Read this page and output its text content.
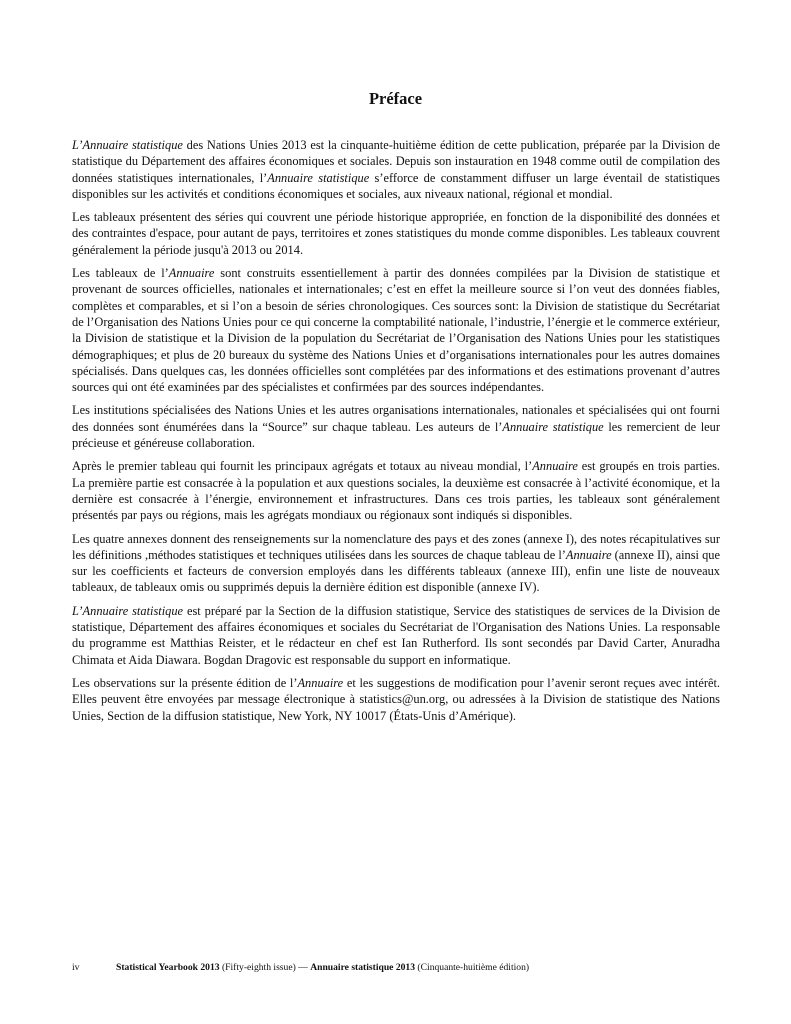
Préface

L’Annuaire statistique des Nations Unies 2013 est la cinquante-huitième édition de cette publication, préparée par la Division de statistique du Département des affaires économiques et sociales. Depuis son instauration en 1948 comme outil de compilation des données statistiques internationales, l’Annuaire statistique s’efforce de constamment diffuser un large éventail de statistiques disponibles sur les activités et conditions économiques et sociales, aux niveaux national, régional et mondial.

Les tableaux présentent des séries qui couvrent une période historique appropriée, en fonction de la disponibilité des données et des contraintes d'espace, pour autant de pays, territoires et zones statistiques du monde comme disponibles. Les tableaux couvrent généralement la période jusqu'à 2013 ou 2014.

Les tableaux de l’Annuaire sont construits essentiellement à partir des données compilées par la Division de statistique et provenant de sources officielles, nationales et internationales; c’est en effet la meilleure source si l’on veut des données fiables, complètes et comparables, et si l’on a besoin de séries chronologiques. Ces sources sont: la Division de statistique du Secrétariat de l’Organisation des Nations Unies pour ce qui concerne la comptabilité nationale, l’industrie, l’énergie et le commerce extérieur, la Division de statistique et la Division de la population du Secrétariat de l’Organisation des Nations Unies pour les statistiques démographiques; et plus de 20 bureaux du système des Nations Unies et d’organisations internationales pour les autres domaines spécialisés. Dans quelques cas, les données officielles sont complétées par des informations et des estimations provenant d’autres sources qui ont été examinées par des spécialistes et confirmées par des sources indépendantes.

Les institutions spécialisées des Nations Unies et les autres organisations internationales, nationales et spécialisées qui ont fourni des données sont énumérées dans la “Source” sur chaque tableau. Les auteurs de l’Annuaire statistique les remercient de leur précieuse et généreuse collaboration.

Après le premier tableau qui fournit les principaux agrégats et totaux au niveau mondial, l’Annuaire est groupés en trois parties. La première partie est consacrée à la population et aux questions sociales, la deuxième est consacrée à l’activité économique, et la dernière est consacrée à l’énergie, environnement et infrastructures. Dans ces trois parties, les tableaux sont généralement présentés par pays ou régions, mais les agrégats mondiaux ou régionaux sont indiqués si disponibles.

Les quatre annexes donnent des renseignements sur la nomenclature des pays et des zones (annexe I), des notes récapitulatives sur les définitions ,méthodes statistiques et techniques utilisées dans les sources de chaque tableau de l’Annuaire (annexe II), ainsi que sur les coefficients et facteurs de conversion employés dans les différents tableaux (annexe III), enfin une liste de nouveaux tableaux, de tableaux omis ou supprimés depuis la dernière édition est disponible (annexe IV).

L’Annuaire statistique est préparé par la Section de la diffusion statistique, Service des statistiques de services de la Division de statistique, Département des affaires économiques et sociales du Secrétariat de l'Organisation des Nations Unies. La responsable du programme est Matthias Reister, et le rédacteur en chef est Ian Rutherford. Ils sont secondés par David Carter, Anuradha Chimata et Aida Diawara. Bogdan Dragovic est responsable du support en informatique.

Les observations sur la présente édition de l’Annuaire et les suggestions de modification pour l’avenir seront reçues avec intérêt. Elles peuvent être envoyées par message électronique à statistics@un.org, ou adressées à la Division de statistique des Nations Unies, Section de la diffusion statistique, New York, NY 10017 (États-Unis d’Amérique).

iv	Statistical Yearbook 2013 (Fifty-eighth issue) — Annuaire statistique 2013 (Cinquante-huitième édition)
